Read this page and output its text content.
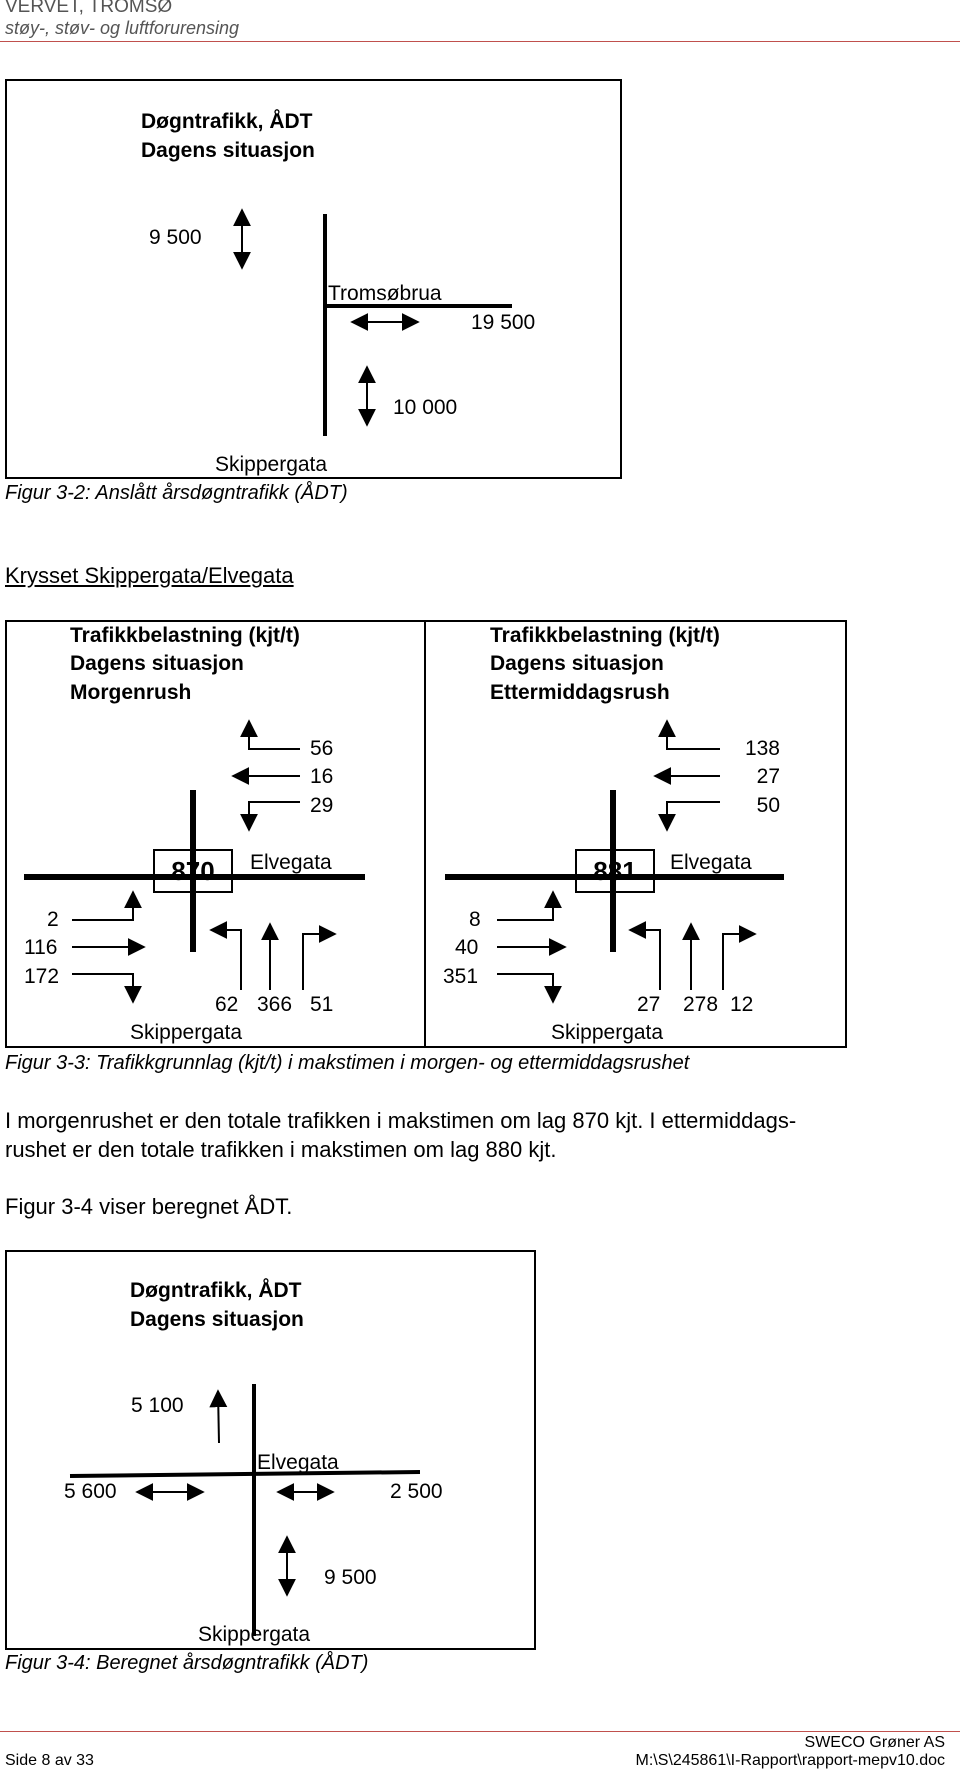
VERVET, TROMSØ
støy-, støv- og luftforurensing
Døgntrafikk, ÅDT
Dagens situasjon
9 500
Tromsøbrua
19 500
10 000
Skippergata
Figur 3-2: Anslått årsdøgntrafikk (ÅDT)
Krysset Skippergata/Elvegata
Trafikkbelastning (kjt/t)
Dagens situasjon
Morgenrush
56
16
29
870	Elvegata
2
116
172
62 366 51
Skippergata
Trafikkbelastning (kjt/t)
Dagens situasjon
Ettermiddagsrush
138
27
50
881	Elvegata
8
40
351
27 278 12
Skippergata
Figur 3-3: Trafikkgrunnlag (kjt/t) i makstimen i morgen- og ettermiddagsrushet
I morgenrushet er den totale trafikken i makstimen om lag 870 kjt. I ettermiddags-
rushet er den totale trafikken i makstimen om lag 880 kjt.
Figur 3-4 viser beregnet ÅDT.
Døgntrafikk, ÅDT
Dagens situasjon
5 100
Elvegata
5 600	2 500
9 500
Skippergata
Figur 3-4: Beregnet årsdøgntrafikk (ÅDT)
Side 8 av 33
SWECO Grøner AS
M:\S\245861\I-Rapport\rapport-mepv10.doc
